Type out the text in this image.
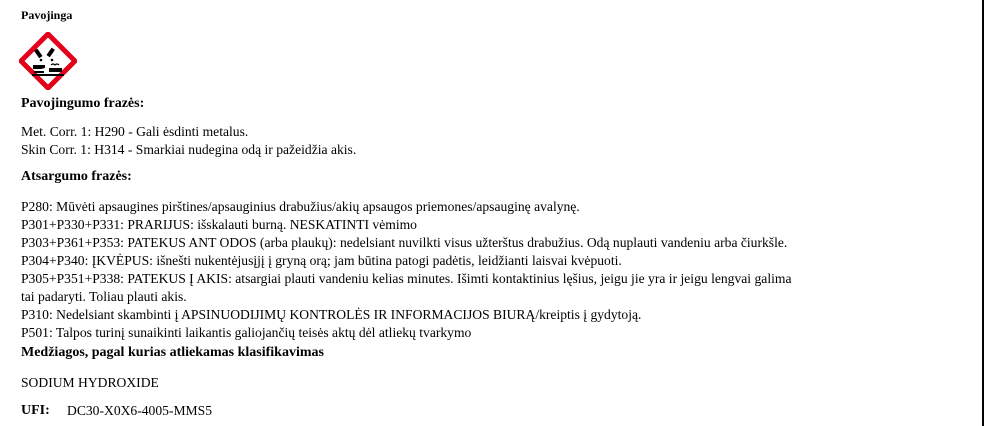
Pavojinga
Pavojingumo frazės:
Met. Corr. 1: H290 - Gali ėsdinti metalus.
Skin Corr. 1: H314 - Smarkiai nudegina odą ir pažeidžia akis.
Atsargumo frazės:
P280: Mūvėti apsaugines pirštines/apsauginius drabužius/akių apsaugos priemones/apsauginę avalynę.
P301+P330+P331: PRARIJUS: išskalauti burną. NESKATINTI vėmimo
P303+P361+P353: PATEKUS ANT ODOS (arba plaukų): nedelsiant nuvilkti visus užterštus drabužius. Odą nuplauti vandeniu arba čiurkšle.
P304+P340: ĮKVĖPUS: išnešti nukentėjusįjį į gryną orą; jam būtina patogi padėtis, leidžianti laisvai kvėpuoti.
P305+P351+P338: PATEKUS Į AKIS: atsargiai plauti vandeniu kelias minutes. Išimti kontaktinius lęšius, jeigu jie yra ir jeigu lengvai galima
tai padaryti. Toliau plauti akis.
P310: Nedelsiant skambinti į APSINUODIJIMŲ KONTROLĖS IR INFORMACIJOS BIURĄ/kreiptis į gydytoją.
P501: Talpos turinį sunaikinti laikantis galiojančių teisės aktų dėl atliekų tvarkymo
Medžiagos, pagal kurias atliekamas klasifikavimas
SODIUM HYDROXIDE
UFI: DC30-X0X6-4005-MMS5
